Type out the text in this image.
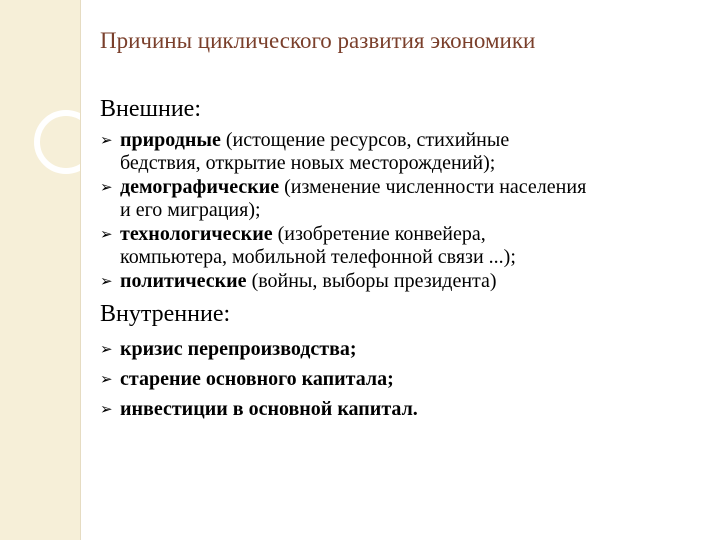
Причины циклического развития экономики
Внешние:
➢ природные (истощение ресурсов, стихийные
бедствия, открытие новых месторождений);
➢ демографические (изменение численности населения
и его миграция);
➢ технологические (изобретение конвейера,
компьютера, мобильной телефонной связи ...);
➢ политические (войны, выборы президента)
Внутренние:
➢ кризис перепроизводства;
➢ старение основного капитала;
➢ инвестиции в основной капитал.
